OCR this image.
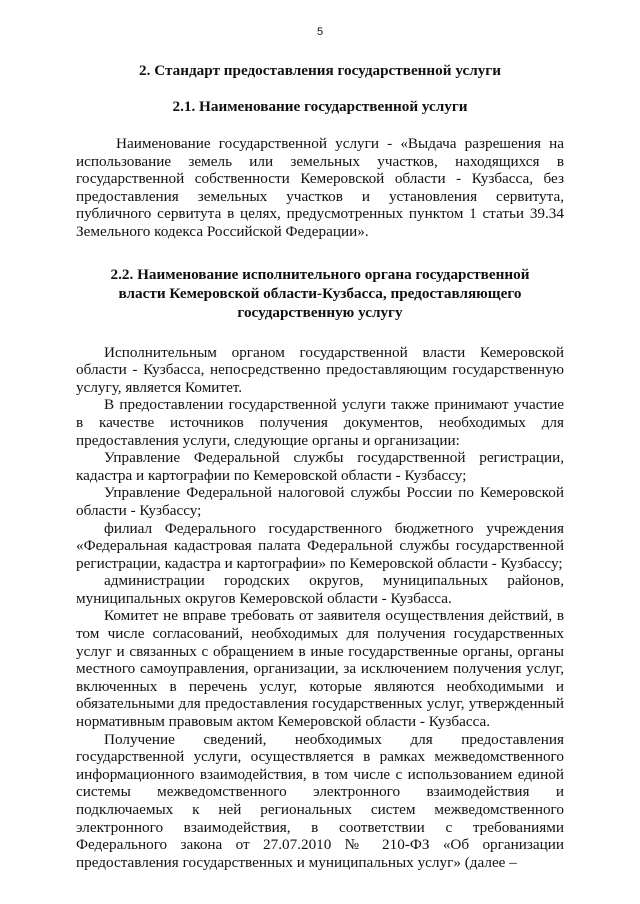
5
2. Стандарт предоставления государственной услуги
2.1. Наименование государственной услуги

Наименование государственной услуги - «Выдача разрешения на использование земель или земельных участков, находящихся в государственной собственности Кемеровской области - Кузбасса, без предоставления земельных участков и установления сервитута, публичного сервитута в целях, предусмотренных пунктом 1 статьи 39.34 Земельного кодекса Российской Федерации».

2.2. Наименование исполнительного органа государственной
власти Кемеровской области-Кузбасса, предоставляющего
государственную услугу

Исполнительным органом государственной власти Кемеровской области - Кузбасса, непосредственно предоставляющим государственную услугу, является Комитет.

В предоставлении государственной услуги также принимают участие в качестве источников получения документов, необходимых для предоставления услуги, следующие органы и организации:

Управление Федеральной службы государственной регистрации, кадастра и картографии по Кемеровской области - Кузбассу;

Управление Федеральной налоговой службы России по Кемеровской области - Кузбассу;

филиал Федерального государственного бюджетного учреждения «Федеральная кадастровая палата Федеральной службы государственной регистрации, кадастра и картографии» по Кемеровской области - Кузбассу;

администрации городских округов, муниципальных районов, муниципальных округов Кемеровской области - Кузбасса.

Комитет не вправе требовать от заявителя осуществления действий, в том числе согласований, необходимых для получения государственных услуг и связанных с обращением в иные государственные органы, органы местного самоуправления, организации, за исключением получения услуг, включенных в перечень услуг, которые являются необходимыми и обязательными для предоставления государственных услуг, утвержденный нормативным правовым актом Кемеровской области - Кузбасса.

Получение сведений, необходимых для предоставления государственной услуги, осуществляется в рамках межведомственного информационного взаимодействия, в том числе с использованием единой системы межведомственного электронного взаимодействия и подключаемых к ней региональных систем межведомственного электронного взаимодействия, в соответствии с требованиями Федерального закона от 27.07.2010 № 210-ФЗ «Об организации предоставления государственных и муниципальных услуг» (далее –
